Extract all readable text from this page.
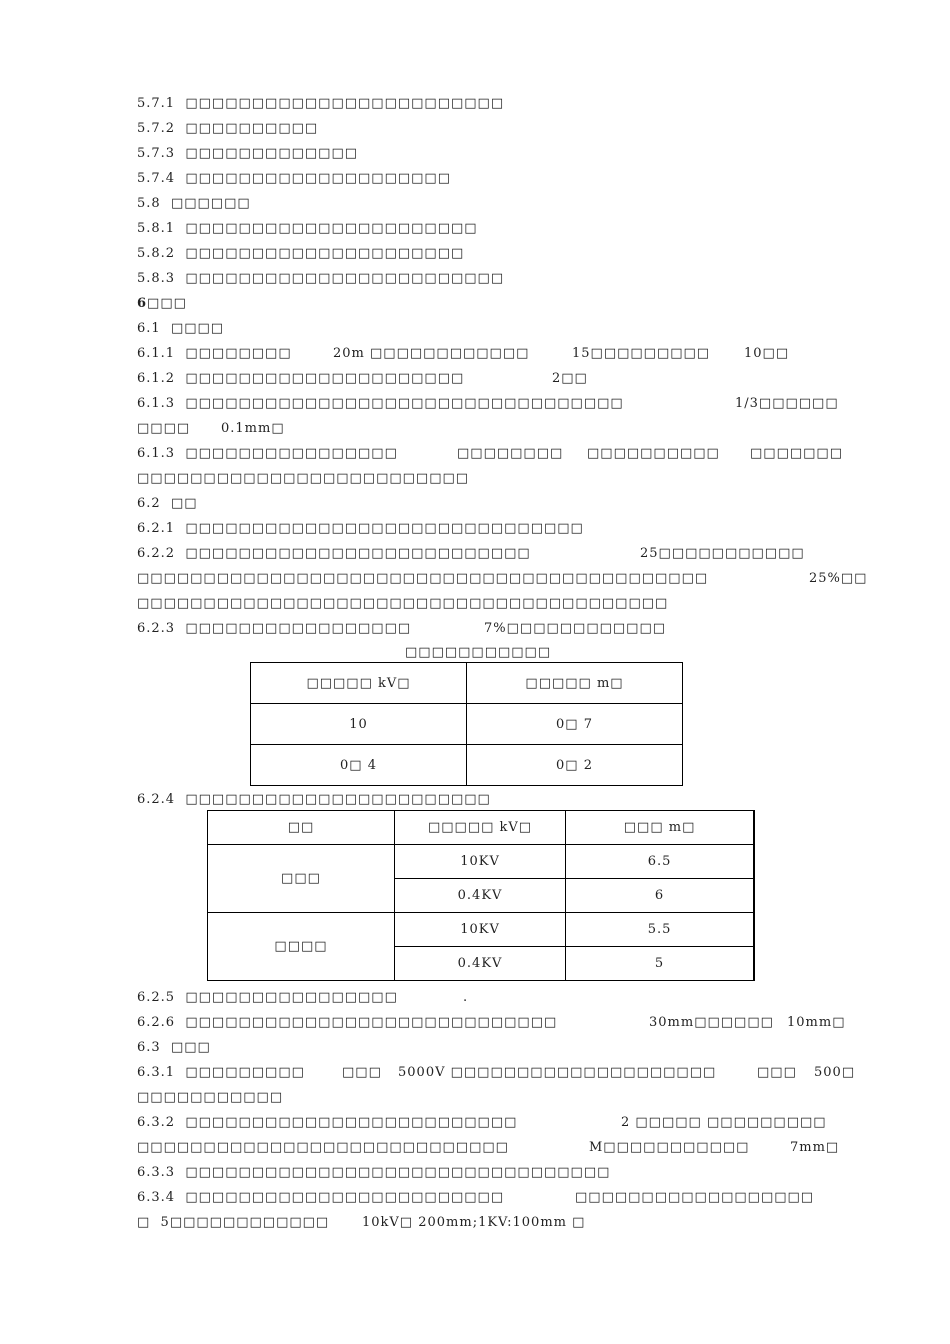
5.7.1  □□□□□□□□□□□□□□□□□□□□□□□□
5.7.2  □□□□□□□□□□
5.7.3  □□□□□□□□□□□□□
5.7.4  □□□□□□□□□□□□□□□□□□□□
5.8  □□□□□□
5.8.1  □□□□□□□□□□□□□□□□□□□□□□
5.8.2  □□□□□□□□□□□□□□□□□□□□□
5.8.3  □□□□□□□□□□□□□□□□□□□□□□□□
6□□□
6.1  □□□□

6.1.1  □□□□□□□□

	20m □□□□□□□□□□□□

	15□□□□□□□□□

	10□□

6.1.2  □□□□□□□□□□□□□□□□□□□□□

	2□□

6.1.3  □□□□□□□□□□□□□□□□□□□□□□□□□□□□□□□□□

	1/3□□□□□□

□□□□

0.1mm□

6.1.3  □□□□□□□□□□□□□□□□

	□□□□□□□□

□□□□□□□□□□

□□□□□□□

□□□□□□□□□□□□□□□□□□□□□□□□□
6.2  □□
6.2.1  □□□□□□□□□□□□□□□□□□□□□□□□□□□□□□

6.2.2  □□□□□□□□□□□□□□□□□□□□□□□□□□

	25□□□□□□□□□□□

□□□□□□□□□□□□□□□□□□□□□□□□□□□□□□□□□□□□□□□□□□□

	25%□□

□□□□□□□□□□□□□□□□□□□□□□□□□□□□□□□□□□□□□□□□

6.2.3  □□□□□□□□□□□□□□□□□

	7%□□□□□□□□□□□□

□□□□□□□□□□□
□□□□□ kV□	□□□□□ m□
10	0□ 7
0□ 4	0□ 2
6.2.4  □□□□□□□□□□□□□□□□□□□□□□□
□□	□□□□□ kV□	□□□ m□
□□□	10KV	6.5
	0.4KV	6
□□□□	10KV	5.5
	0.4KV	5

6.2.5  □□□□□□□□□□□□□□□□

	.

6.2.6  □□□□□□□□□□□□□□□□□□□□□□□□□□□□

	30mm□□□□□□

10mm□

6.3  □□□

6.3.1  □□□□□□□□□

	□□□

5000V □□□□□□□□□□□□□□□□□□□□

	□□□

500□

□□□□□□□□□□□

6.3.2  □□□□□□□□□□□□□□□□□□□□□□□□□

	2 □□□□□

□□□□□□□□□

□□□□□□□□□□□□□□□□□□□□□□□□□□□□

	M□□□□□□□□□□□

	7mm□

6.3.3  □□□□□□□□□□□□□□□□□□□□□□□□□□□□□□□□

6.3.4  □□□□□□□□□□□□□□□□□□□□□□□□

	□□□□□□□□□□□□□□□□□□

□  5□□□□□□□□□□□□

	10kV□ 200mm;1KV:100mm □
